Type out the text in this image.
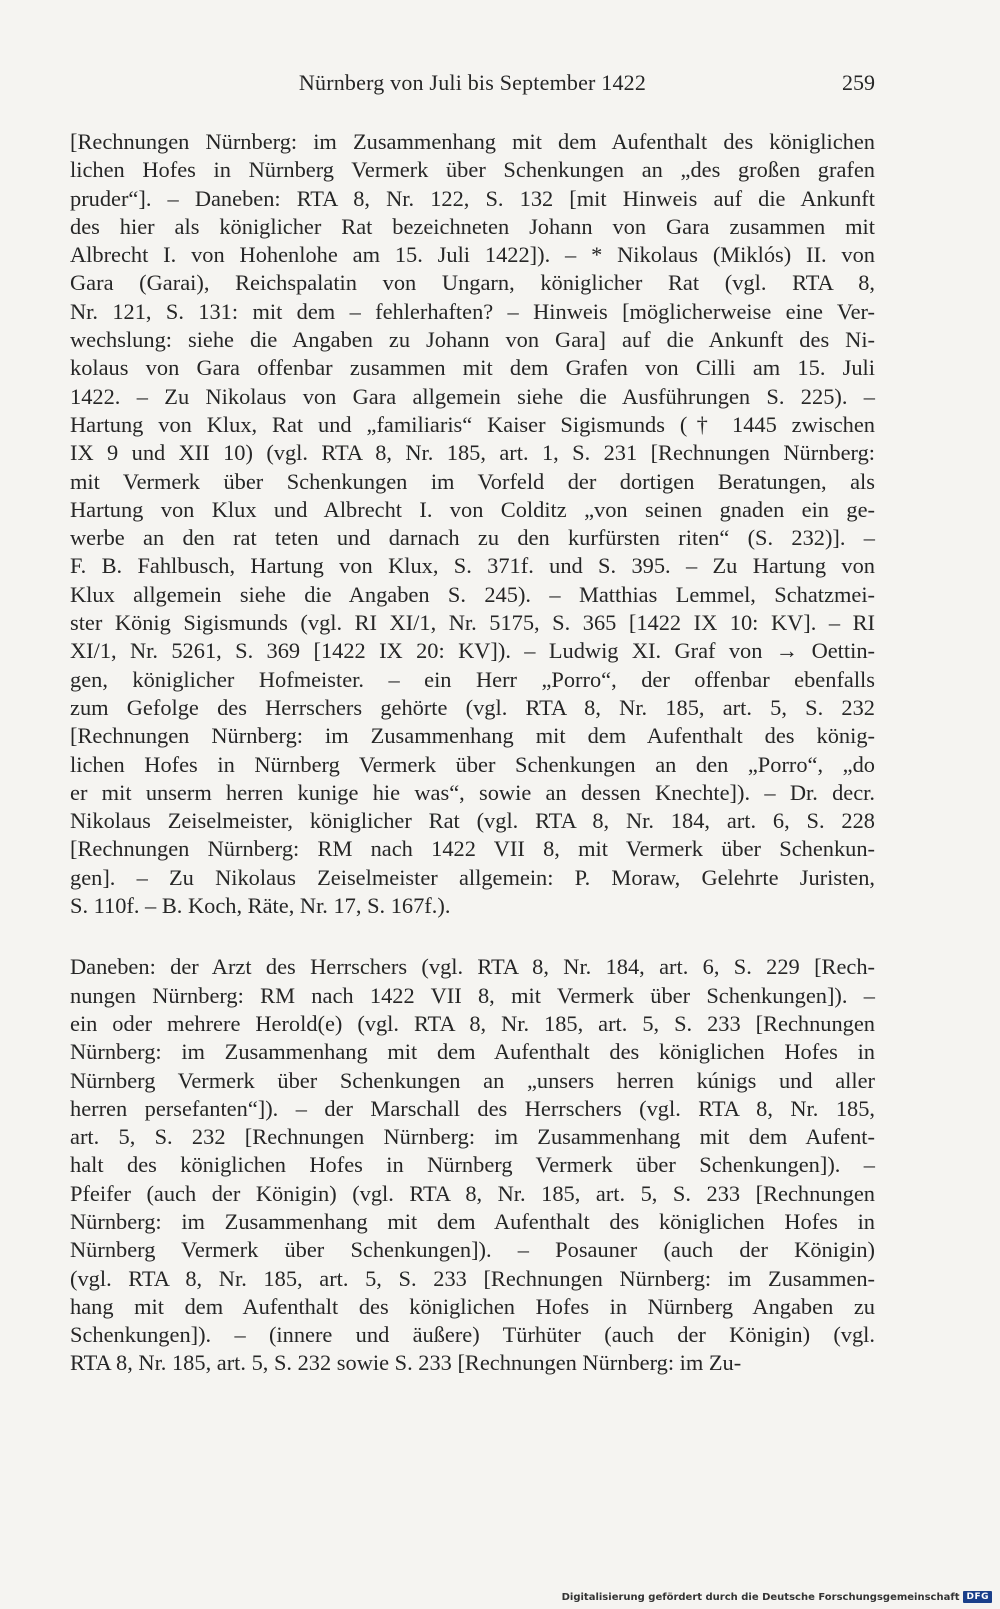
Nürnberg von Juli bis September 1422	259
[Rechnungen Nürnberg: im Zusammenhang mit dem Aufenthalt des königlichen
lichen Hofes in Nürnberg Vermerk über Schenkungen an „des großen grafen
pruder“]. – Daneben: RTA 8, Nr. 122, S. 132 [mit Hinweis auf die Ankunft
des hier als königlicher Rat bezeichneten Johann von Gara zusammen mit
Albrecht I. von Hohenlohe am 15. Juli 1422]). – * Nikolaus (Miklós) II. von
Gara (Garai), Reichspalatin von Ungarn, königlicher Rat (vgl. RTA 8,
Nr. 121, S. 131: mit dem – fehlerhaften? – Hinweis [möglicherweise eine Ver-
wechslung: siehe die Angaben zu Johann von Gara] auf die Ankunft des Ni-
kolaus von Gara offenbar zusammen mit dem Grafen von Cilli am 15. Juli
1422. – Zu Nikolaus von Gara allgemein siehe die Ausführungen S. 225). –
Hartung von Klux, Rat und „familiaris“ Kaiser Sigismunds († 1445 zwischen
IX 9 und XII 10) (vgl. RTA 8, Nr. 185, art. 1, S. 231 [Rechnungen Nürnberg:
mit Vermerk über Schenkungen im Vorfeld der dortigen Beratungen, als
Hartung von Klux und Albrecht I. von Colditz „von seinen gnaden ein ge-
werbe an den rat teten und darnach zu den kurfürsten riten“ (S. 232)]. –
F. B. Fahlbusch, Hartung von Klux, S. 371f. und S. 395. – Zu Hartung von
Klux allgemein siehe die Angaben S. 245). – Matthias Lemmel, Schatzmei-
ster König Sigismunds (vgl. RI XI/1, Nr. 5175, S. 365 [1422 IX 10: KV]. – RI
XI/1, Nr. 5261, S. 369 [1422 IX 20: KV]). – Ludwig XI. Graf von → Oettin-
gen, königlicher Hofmeister. – ein Herr „Porro“, der offenbar ebenfalls
zum Gefolge des Herrschers gehörte (vgl. RTA 8, Nr. 185, art. 5, S. 232
[Rechnungen Nürnberg: im Zusammenhang mit dem Aufenthalt des könig-
lichen Hofes in Nürnberg Vermerk über Schenkungen an den „Porro“, „do
er mit unserm herren kunige hie was“, sowie an dessen Knechte]). – Dr. decr.
Nikolaus Zeiselmeister, königlicher Rat (vgl. RTA 8, Nr. 184, art. 6, S. 228
[Rechnungen Nürnberg: RM nach 1422 VII 8, mit Vermerk über Schenkun-
gen]. – Zu Nikolaus Zeiselmeister allgemein: P. Moraw, Gelehrte Juristen,
S. 110f. – B. Koch, Räte, Nr. 17, S. 167f.).
Daneben: der Arzt des Herrschers (vgl. RTA 8, Nr. 184, art. 6, S. 229 [Rech-
nungen Nürnberg: RM nach 1422 VII 8, mit Vermerk über Schenkungen]). –
ein oder mehrere Herold(e) (vgl. RTA 8, Nr. 185, art. 5, S. 233 [Rechnungen
Nürnberg: im Zusammenhang mit dem Aufenthalt des königlichen Hofes in
Nürnberg Vermerk über Schenkungen an „unsers herren kúnigs und aller
herren persefanten“]). – der Marschall des Herrschers (vgl. RTA 8, Nr. 185,
art. 5, S. 232 [Rechnungen Nürnberg: im Zusammenhang mit dem Aufent-
halt des königlichen Hofes in Nürnberg Vermerk über Schenkungen]). –
Pfeifer (auch der Königin) (vgl. RTA 8, Nr. 185, art. 5, S. 233 [Rechnungen
Nürnberg: im Zusammenhang mit dem Aufenthalt des königlichen Hofes in
Nürnberg Vermerk über Schenkungen]). – Posauner (auch der Königin)
(vgl. RTA 8, Nr. 185, art. 5, S. 233 [Rechnungen Nürnberg: im Zusammen-
hang mit dem Aufenthalt des königlichen Hofes in Nürnberg Angaben zu
Schenkungen]). – (innere und äußere) Türhüter (auch der Königin) (vgl.
RTA 8, Nr. 185, art. 5, S. 232 sowie S. 233 [Rechnungen Nürnberg: im Zu-
Digitalisierung gefördert durch die Deutsche Forschungsgemeinschaft DFG
